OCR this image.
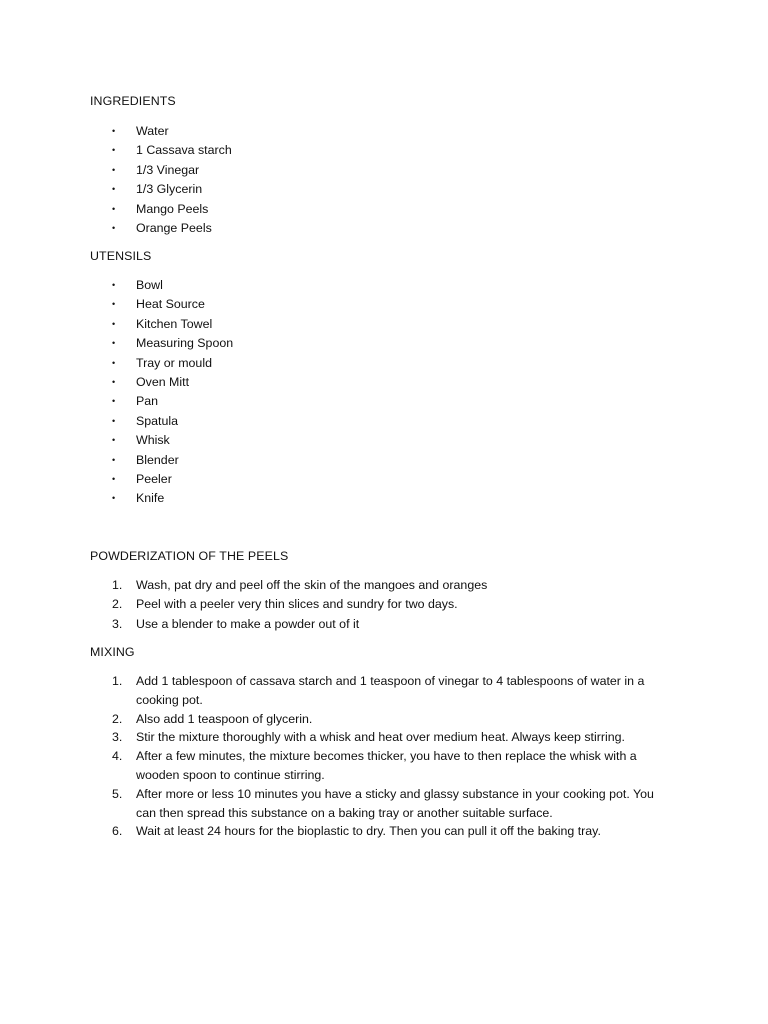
INGREDIENTS
•	Water
•	1 Cassava starch
•	1/3 Vinegar
•	1/3 Glycerin
•	Mango Peels
•	Orange Peels
UTENSILS
•	Bowl
•	Heat Source
•	Kitchen Towel
•	Measuring Spoon
•	Tray or mould
•	Oven Mitt
•	Pan
•	Spatula
•	Whisk
•	Blender
•	Peeler
•	Knife
POWDERIZATION OF THE PEELS
1. Wash, pat dry and peel off the skin of the mangoes and oranges
2. Peel with a peeler very thin slices and sundry for two days.
3. Use a blender to make a powder out of it
MIXING
1. Add 1 tablespoon of cassava starch and 1 teaspoon of vinegar to 4 tablespoons of water in a cooking pot.
2. Also add 1 teaspoon of glycerin.
3. Stir the mixture thoroughly with a whisk and heat over medium heat. Always keep stirring.
4. After a few minutes, the mixture becomes thicker, you have to then replace the whisk with a wooden spoon to continue stirring.
5. After more or less 10 minutes you have a sticky and glassy substance in your cooking pot. You can then spread this substance on a baking tray or another suitable surface.
6. Wait at least 24 hours for the bioplastic to dry. Then you can pull it off the baking tray.
